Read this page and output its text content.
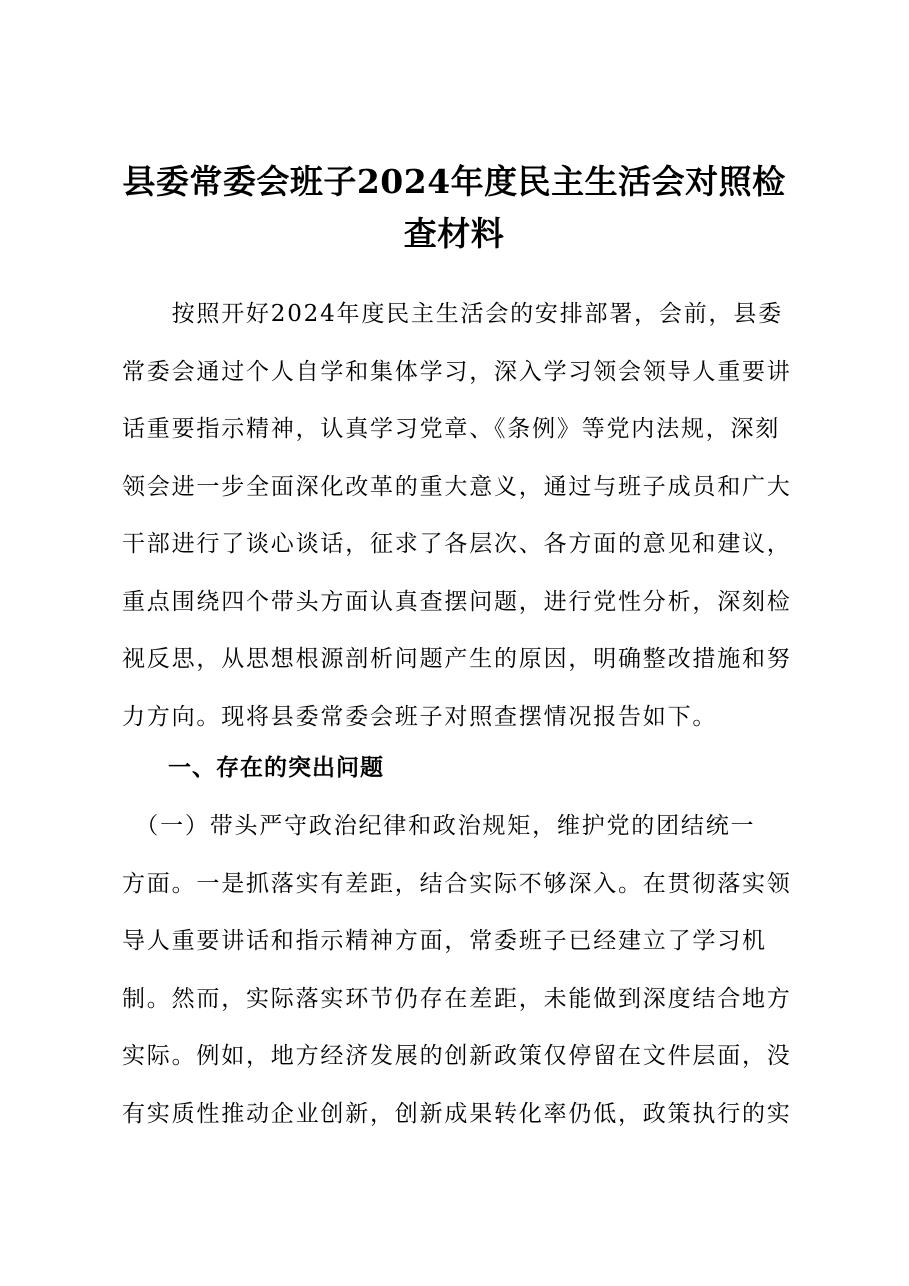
县委常委会班子2024年度民主生活会对照检
查材料
　　按照开好2024年度民主生活会的安排部署，会前，县委
常委会通过个人自学和集体学习，深入学习领会领导人重要讲
话重要指示精神，认真学习党章、《条例》等党内法规，深刻
领会进一步全面深化改革的重大意义，通过与班子成员和广大
干部进行了谈心谈话，征求了各层次、各方面的意见和建议，
重点围绕四个带头方面认真查摆问题，进行党性分析，深刻检
视反思，从思想根源剖析问题产生的原因，明确整改措施和努
力方向。现将县委常委会班子对照查摆情况报告如下。
一、存在的突出问题
　（一）带头严守政治纪律和政治规矩，维护党的团结统一
方面。一是抓落实有差距，结合实际不够深入。在贯彻落实领
导人重要讲话和指示精神方面，常委班子已经建立了学习机
制。然而，实际落实环节仍存在差距，未能做到深度结合地方
实际。例如，地方经济发展的创新政策仅停留在文件层面，没
有实质性推动企业创新，创新成果转化率仍低，政策执行的实
